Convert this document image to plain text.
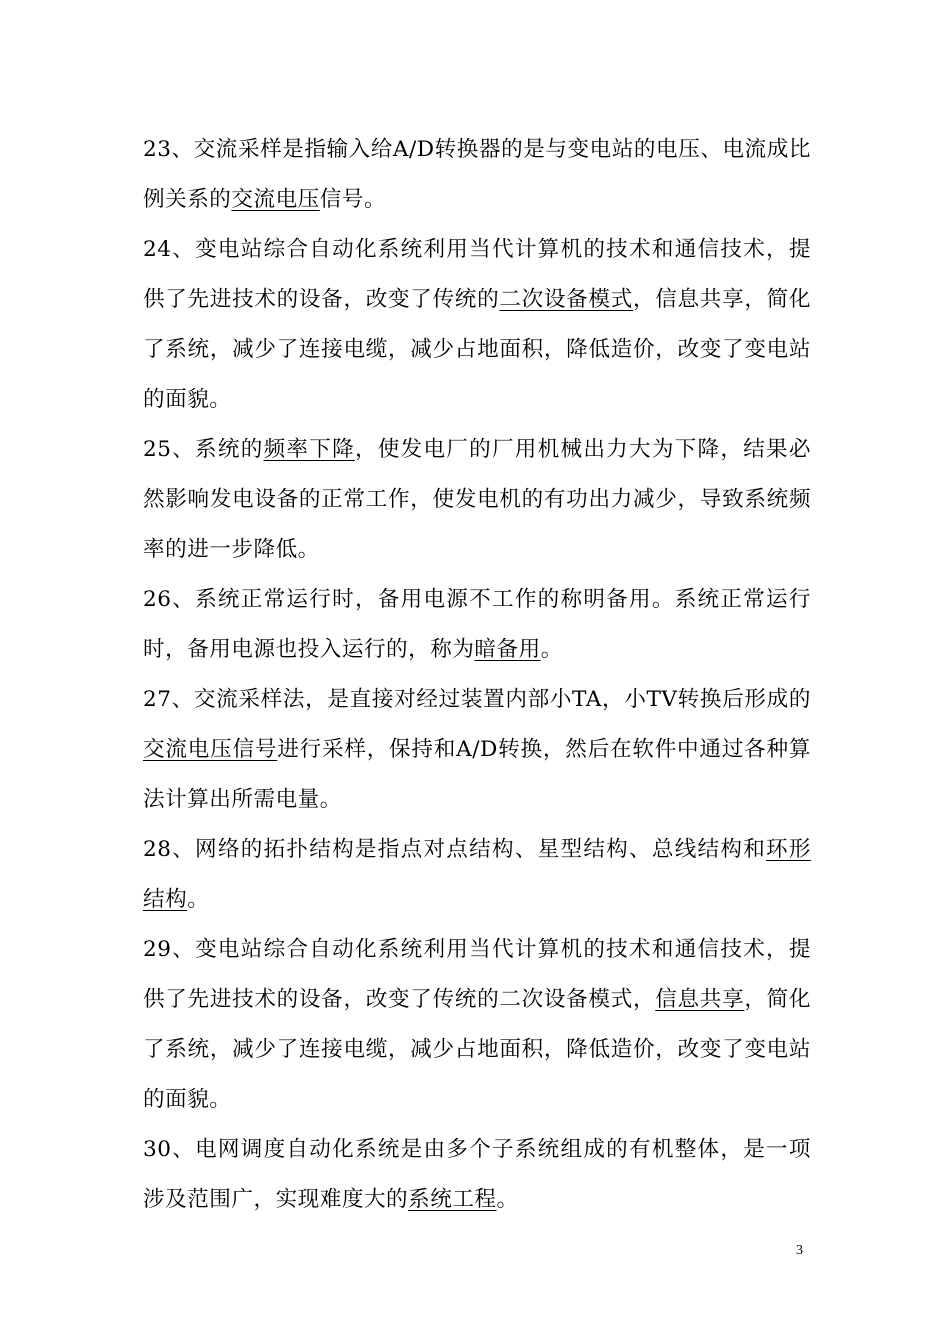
23、交流采样是指输入给A/D转换器的是与变电站的电压、电流成比例关系的交流电压信号。

24、变电站综合自动化系统利用当代计算机的技术和通信技术，提供了先进技术的设备，改变了传统的二次设备模式，信息共享，简化了系统，减少了连接电缆，减少占地面积，降低造价，改变了变电站的面貌。

25、系统的频率下降，使发电厂的厂用机械出力大为下降，结果必然影响发电设备的正常工作，使发电机的有功出力减少，导致系统频率的进一步降低。

26、系统正常运行时，备用电源不工作的称明备用。系统正常运行时，备用电源也投入运行的，称为暗备用。

27、交流采样法，是直接对经过装置内部小TA，小TV转换后形成的交流电压信号进行采样，保持和A/D转换，然后在软件中通过各种算法计算出所需电量。

28、网络的拓扑结构是指点对点结构、星型结构、总线结构和环形结构。

29、变电站综合自动化系统利用当代计算机的技术和通信技术，提供了先进技术的设备，改变了传统的二次设备模式，信息共享，简化了系统，减少了连接电缆，减少占地面积，降低造价，改变了变电站的面貌。

30、电网调度自动化系统是由多个子系统组成的有机整体，是一项涉及范围广，实现难度大的系统工程。

3
